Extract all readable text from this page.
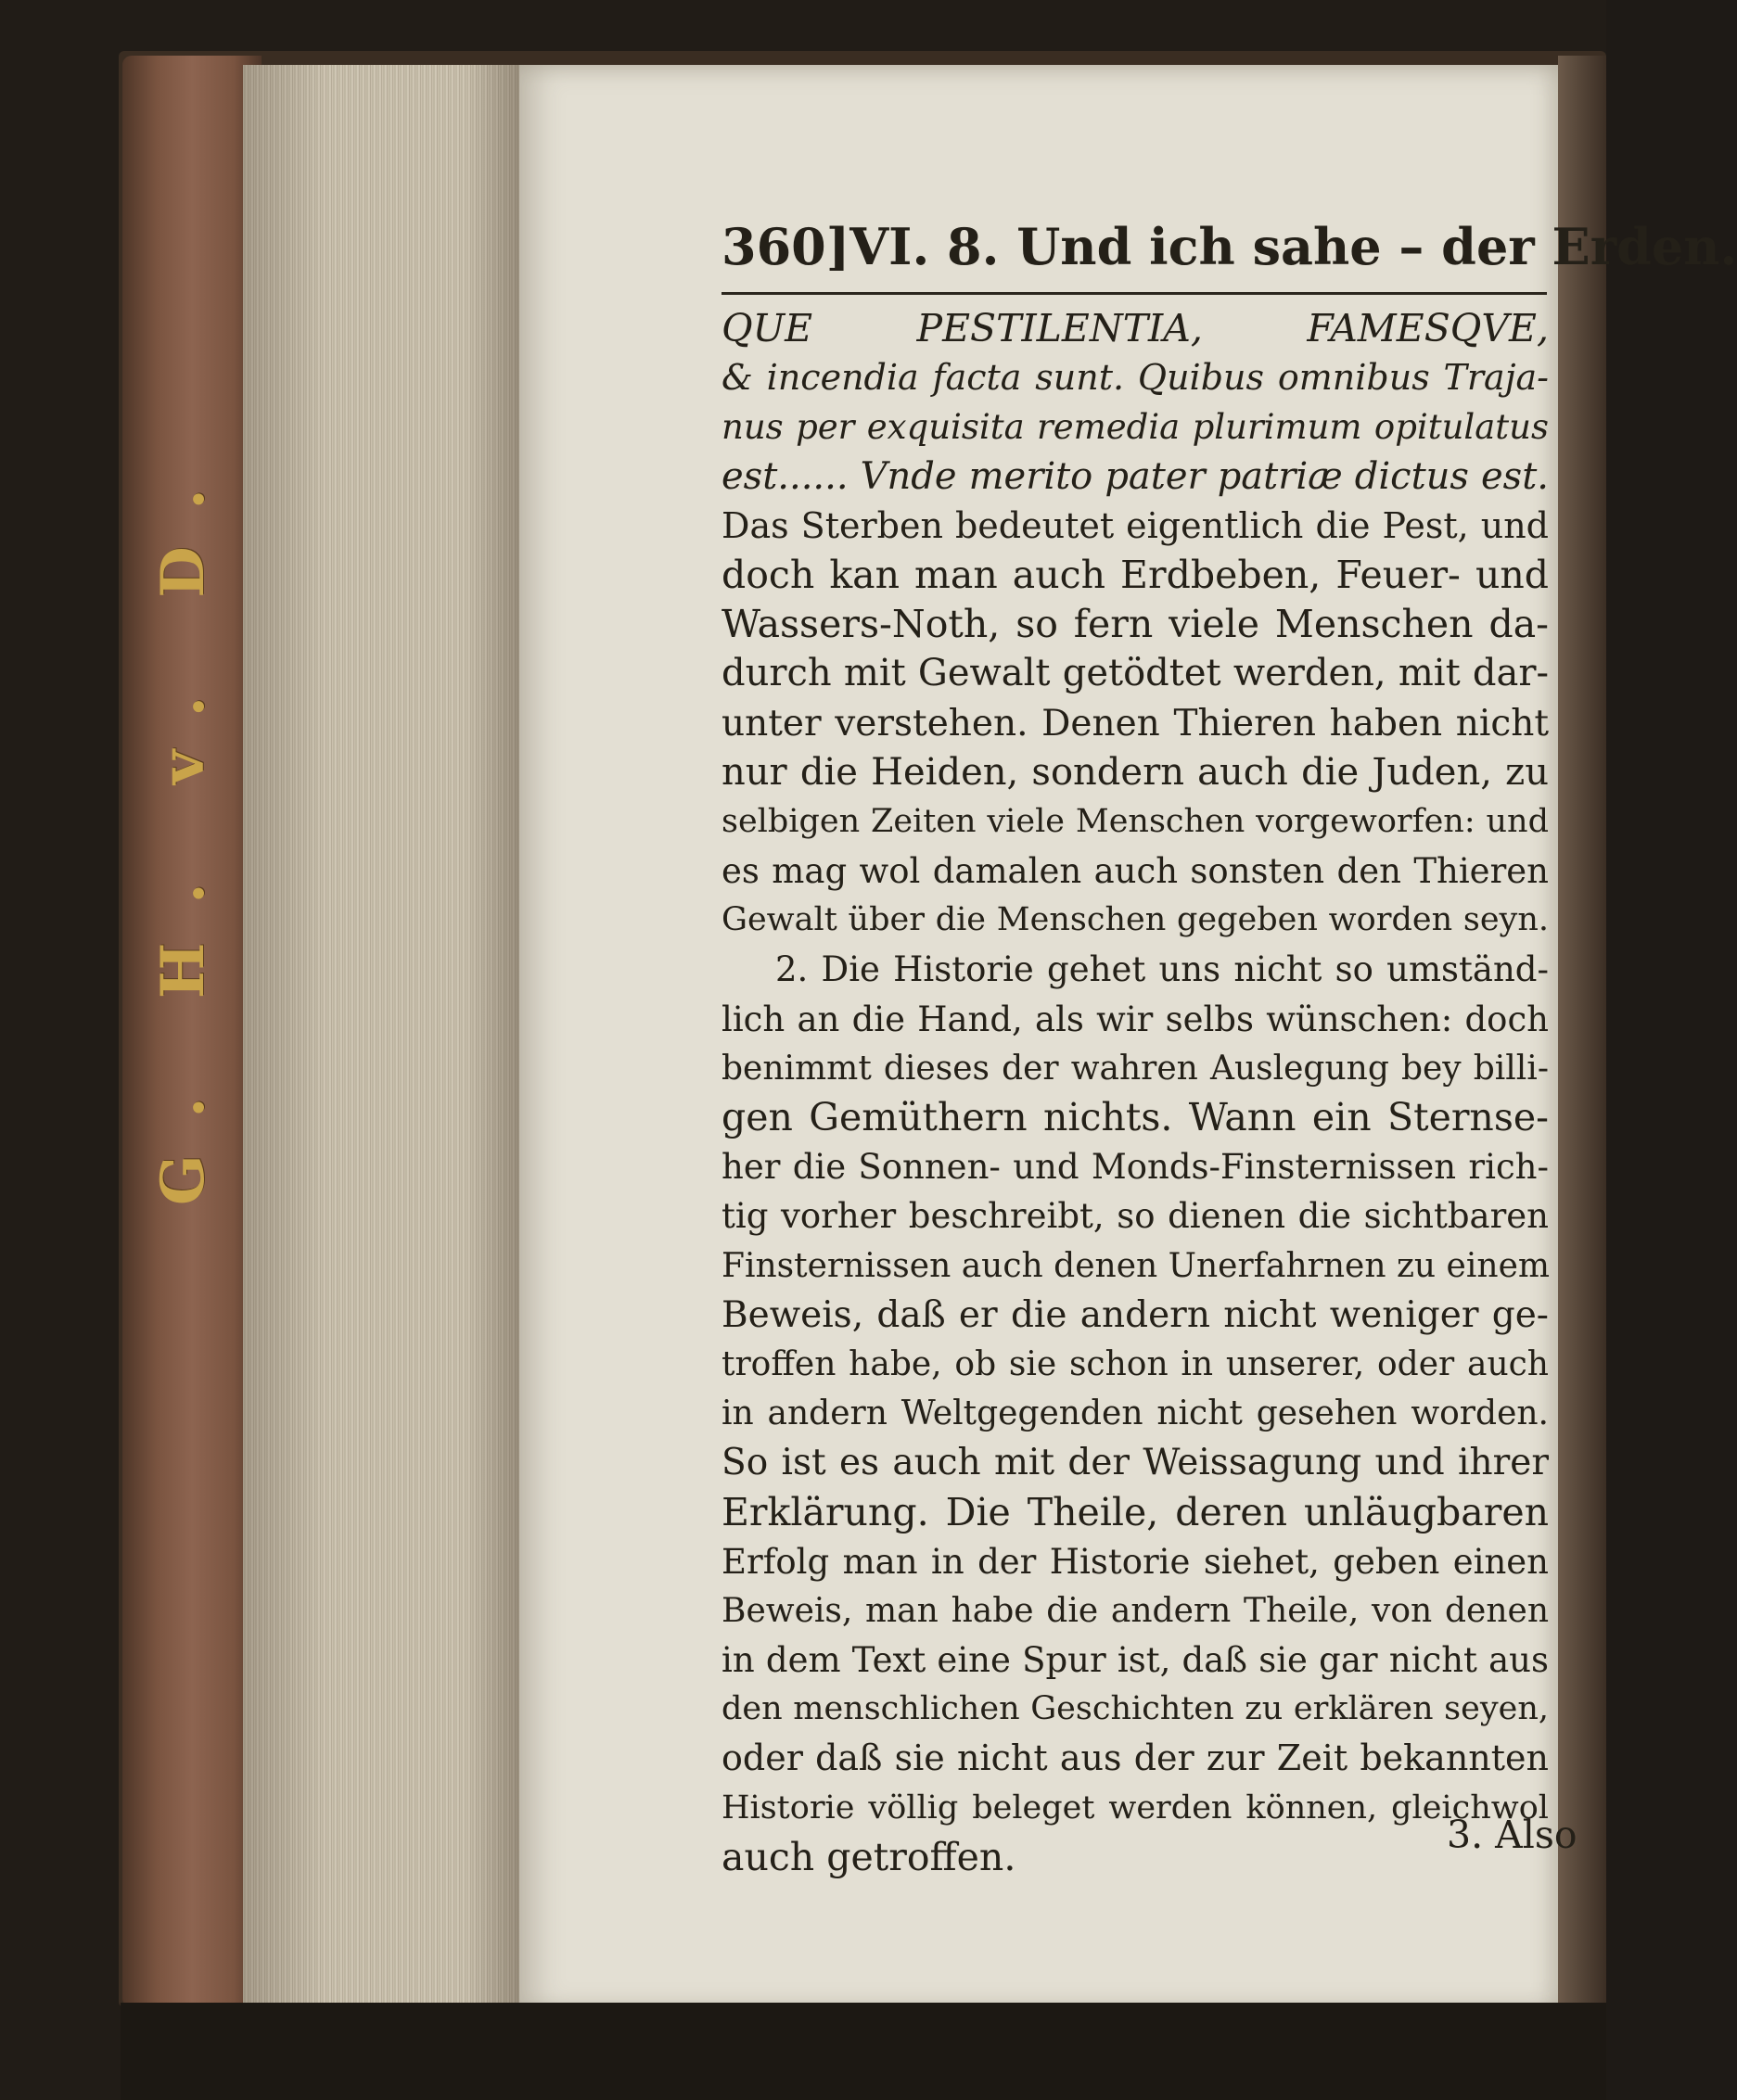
G. H. v. D.
360] VI. 8. Und ich sahe – der Erden.
QUE PESTILENTIA, FAMESQVE,
& incendia facta sunt. Quibus omnibus Traja-
nus per exquisita remedia plurimum opitulatus
est...... Vnde merito pater patriæ dictus est.
Das Sterben bedeutet eigentlich die Pest, und
doch kan man auch Erdbeben, Feuer- und
Wassers-Noth, so fern viele Menschen da-
durch mit Gewalt getödtet werden, mit dar-
unter verstehen. Denen Thieren haben nicht
nur die Heiden, sondern auch die Juden, zu
selbigen Zeiten viele Menschen vorgeworfen: und
es mag wol damalen auch sonsten den Thieren
Gewalt über die Menschen gegeben worden seyn.
2. Die Historie gehet uns nicht so umständ-
lich an die Hand, als wir selbs wünschen: doch
benimmt dieses der wahren Auslegung bey billi-
gen Gemüthern nichts. Wann ein Sternse-
her die Sonnen- und Monds-Finsternissen rich-
tig vorher beschreibt, so dienen die sichtbaren
Finsternissen auch denen Unerfahrnen zu einem
Beweis, daß er die andern nicht weniger ge-
troffen habe, ob sie schon in unserer, oder auch
in andern Weltgegenden nicht gesehen worden.
So ist es auch mit der Weissagung und ihrer
Erklärung. Die Theile, deren unläugbaren
Erfolg man in der Historie siehet, geben einen
Beweis, man habe die andern Theile, von denen
in dem Text eine Spur ist, daß sie gar nicht aus
den menschlichen Geschichten zu erklären seyen,
oder daß sie nicht aus der zur Zeit bekannten
Historie völlig beleget werden können, gleichwol
auch getroffen.	3. Also
